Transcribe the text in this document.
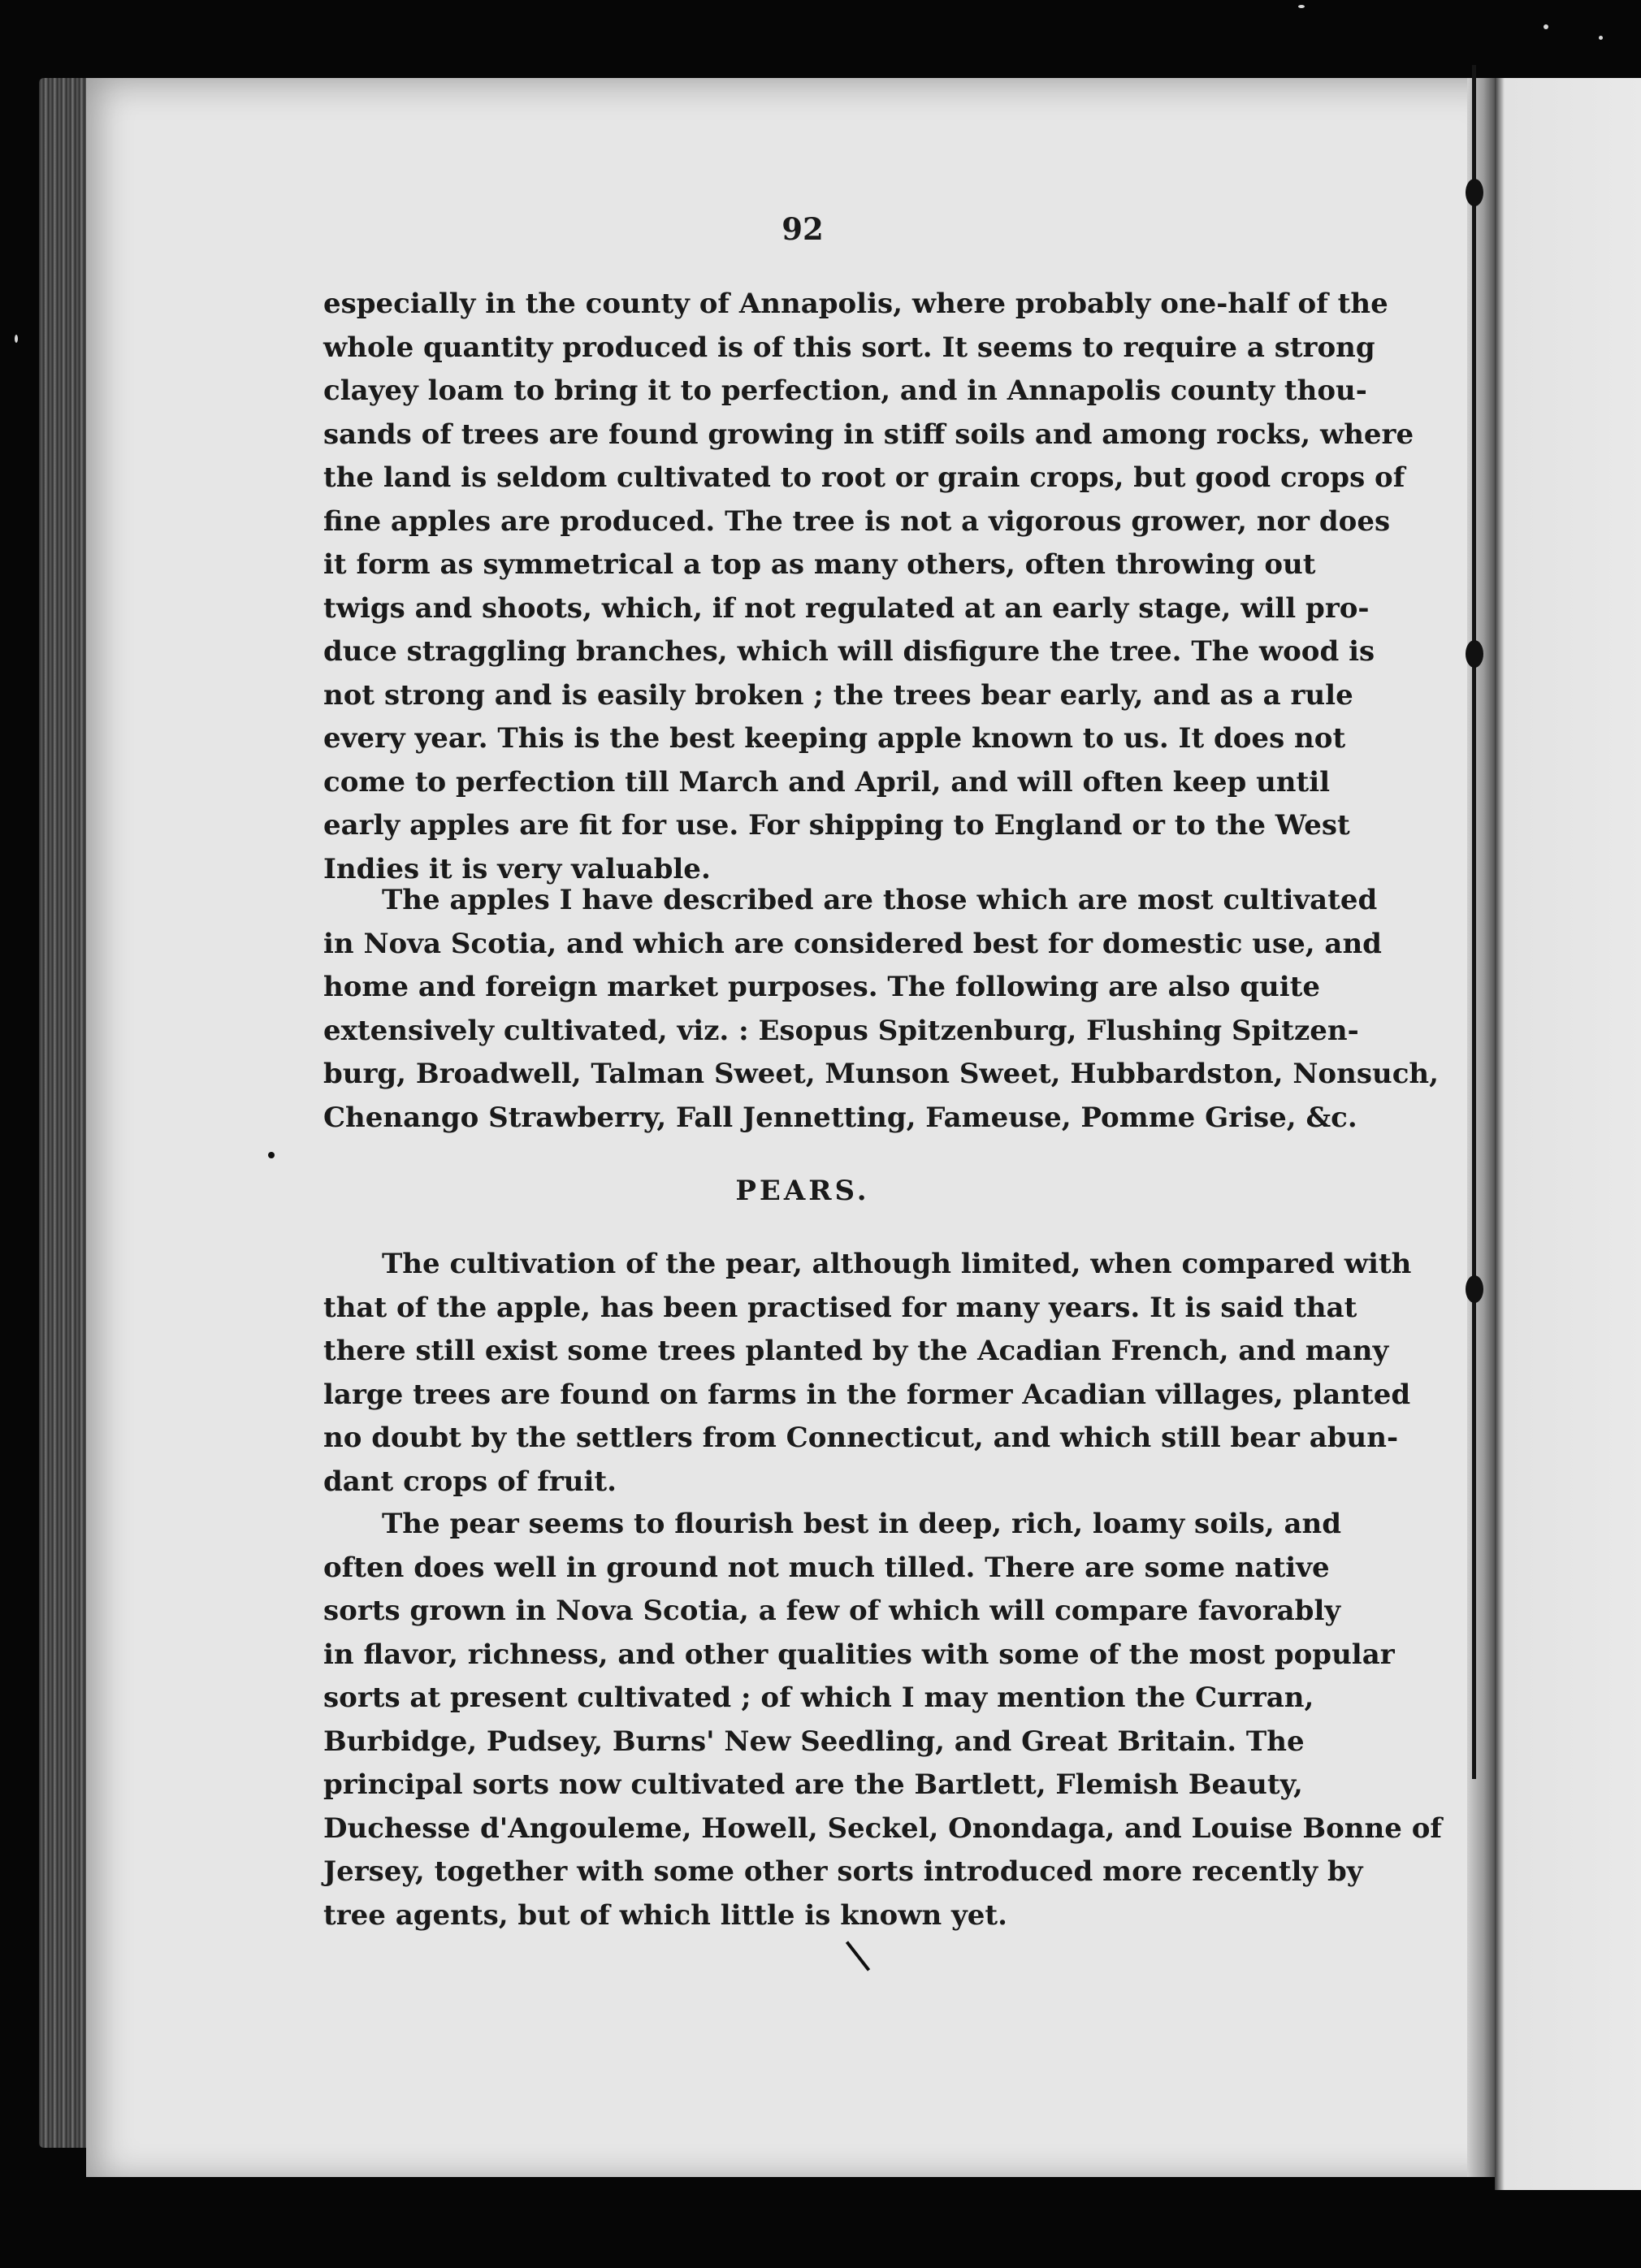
92
especially in the county of Annapolis, where probably one-half of the
whole quantity produced is of this sort. It seems to require a strong
clayey loam to bring it to perfection, and in Annapolis county thou-
sands of trees are found growing in stiff soils and among rocks, where
the land is seldom cultivated to root or grain crops, but good crops of
fine apples are produced. The tree is not a vigorous grower, nor does
it form as symmetrical a top as many others, often throwing out
twigs and shoots, which, if not regulated at an early stage, will pro-
duce straggling branches, which will disfigure the tree. The wood is
not strong and is easily broken ; the trees bear early, and as a rule
every year. This is the best keeping apple known to us. It does not
come to perfection till March and April, and will often keep until
early apples are fit for use. For shipping to England or to the West
Indies it is very valuable.
The apples I have described are those which are most cultivated
in Nova Scotia, and which are considered best for domestic use, and
home and foreign market purposes. The following are also quite
extensively cultivated, viz. : Esopus Spitzenburg, Flushing Spitzen-
burg, Broadwell, Talman Sweet, Munson Sweet, Hubbardston, Nonsuch,
Chenango Strawberry, Fall Jennetting, Fameuse, Pomme Grise, &c.
PEARS.
The cultivation of the pear, although limited, when compared with
that of the apple, has been practised for many years. It is said that
there still exist some trees planted by the Acadian French, and many
large trees are found on farms in the former Acadian villages, planted
no doubt by the settlers from Connecticut, and which still bear abun-
dant crops of fruit.
The pear seems to flourish best in deep, rich, loamy soils, and
often does well in ground not much tilled. There are some native
sorts grown in Nova Scotia, a few of which will compare favorably
in flavor, richness, and other qualities with some of the most popular
sorts at present cultivated ; of which I may mention the Curran,
Burbidge, Pudsey, Burns' New Seedling, and Great Britain. The
principal sorts now cultivated are the Bartlett, Flemish Beauty,
Duchesse d'Angouleme, Howell, Seckel, Onondaga, and Louise Bonne of
Jersey, together with some other sorts introduced more recently by
tree agents, but of which little is known yet.
